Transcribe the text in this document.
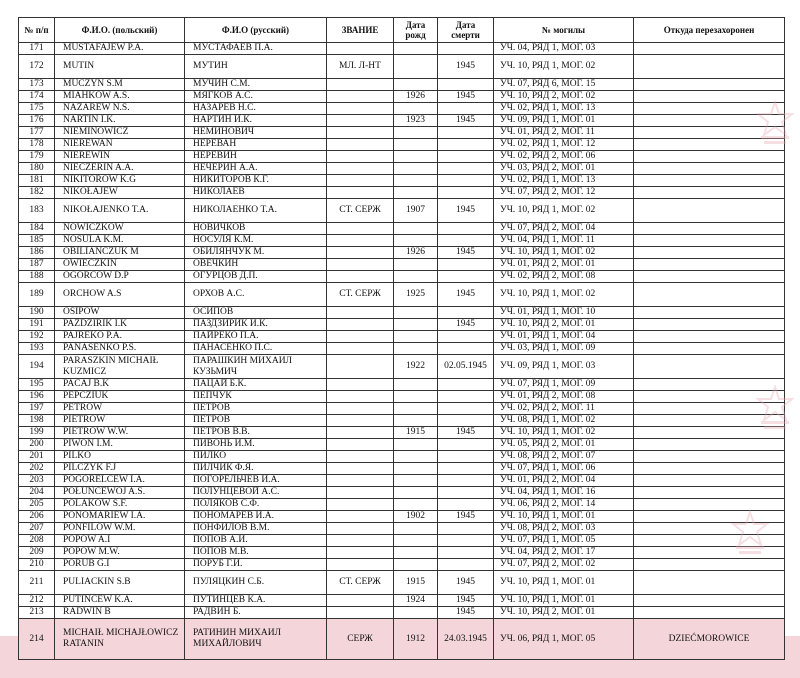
№ п/п	Ф.И.О. (польский)	Ф.И.О (русский)	ЗВАНИЕ	Дата рожд	Дата смерти	№ могилы	Откуда перезахоронен
171	MUSTAFAJEW P.A.	МУСТАФАЕВ П.А.				УЧ. 04, РЯД 1, МОГ. 03	
172	MUTIN	МУТИН	МЛ. Л-НТ		1945	УЧ. 10, РЯД 1, МОГ. 02	
173	MUCZYN S.M	МУЧИН С.М.				УЧ. 07, РЯД 6, МОГ. 15	
174	MIAHKOW A.S.	МЯГКОВ А.С.		1926	1945	УЧ. 10, РЯД 2, МОГ. 02	
175	NAZAREW N.S.	НАЗАРЕВ Н.С.				УЧ. 02, РЯД 1, МОГ. 13	
176	NARTIN I.K.	НАРТИН И.К.		1923	1945	УЧ. 09, РЯД 1, МОГ. 01	
177	NIEMINOWICZ	НЕМИНОВИЧ				УЧ. 01, РЯД 2, МОГ. 11	
178	NIEREWAN	НЕРЕВАН				УЧ. 02, РЯД 1, МОГ. 12	
179	NIEREWIN	НЕРЕВИН				УЧ. 02, РЯД 2, МОГ. 06	
180	NIECZERIN A.A.	НЕЧЕРИН А.А.				УЧ. 03, РЯД 2, МОГ. 01	
181	NIKITOROW K.G	НИКИТОРОВ К.Г.				УЧ. 02, РЯД 1, МОГ. 13	
182	NIKOŁAJEW	НИКОЛАЕВ				УЧ. 07, РЯД 2, МОГ. 12	
183	NIKOŁAJENKO T.A.	НИКОЛАЕНКО Т.А.	СТ. СЕРЖ	1907	1945	УЧ. 10, РЯД 1, МОГ. 02	
184	NOWICZKOW	НОВИЧКОВ				УЧ. 07, РЯД 2, МОГ. 04	
185	NOSULA K.M.	НОСУЛЯ К.М.				УЧ. 04, РЯД 1, МОГ. 11	
186	OBILIANCZUK M	ОБИЛЯНЧУК М.		1926	1945	УЧ. 10, РЯД 1, МОГ. 02	
187	OWIECZKIN	ОВЕЧКИН				УЧ. 01, РЯД 2, МОГ. 01	
188	OGÓRCOW D.P	ОГУРЦОВ Д.П.				УЧ. 02, РЯД 2, МОГ. 08	
189	ORCHOW A.S	ОРХОВ А.С.	СТ. СЕРЖ	1925	1945	УЧ. 10, РЯД 1, МОГ. 02	
190	OSIPOW	ОСИПОВ				УЧ. 01, РЯД 1, МОГ. 10	
191	PAZDZIRIK I.K	ПАЗДЗИРИК И.К.			1945	УЧ. 10, РЯД 2, МОГ. 01	
192	PAJREKO P.A.	ПАЙРЕКО П.А.				УЧ. 01, РЯД 1, МОГ. 04	
193	PANASENKO P.S.	ПАНАСЕНКО П.С.				УЧ. 03, РЯД 1, МОГ. 09	
194	PARASZKIN MICHAIŁ KUZMICZ	ПАРАШКИН МИХАИЛ КУЗЬМИЧ		1922	02.05.1945	УЧ. 09, РЯД 1, МОГ. 03	
195	PACAJ B.K	ПАЦАЙ Б.К.				УЧ. 07, РЯД 1, МОГ. 09	
196	PEPCZIUK	ПЕПЧУК				УЧ. 01, РЯД 2, МОГ. 08	
197	PETROW	ПЕТРОВ				УЧ. 02, РЯД 2, МОГ. 11	
198	PIETROW	ПЕТРОВ				УЧ. 08, РЯД 1, МОГ. 02	
199	PIETROW W.W.	ПЕТРОВ В.В.		1915	1945	УЧ. 10, РЯД 1, МОГ. 02	
200	PIWOŃ I.M.	ПИВОНЬ И.М.				УЧ. 05, РЯД 2, МОГ. 01	
201	PILKO	ПИЛКО				УЧ. 08, РЯД 2, МОГ. 07	
202	PILCZYK F.J	ПИЛЧИК Ф.Я.				УЧ. 07, РЯД 1, МОГ. 06	
203	POGORELCEW I.A.	ПОГОРЕЛЬЧЕВ И.А.				УЧ. 01, РЯД 2, МОГ. 04	
204	POŁUNCEWOJ A.S.	ПОЛУНЦЕВОЙ А.С.				УЧ. 04, РЯД 1, МОГ. 16	
205	POLAKOW S.F.	ПОЛЯКОВ С.Ф.				УЧ. 06, РЯД 2, МОГ. 14	
206	PONOMARIEW I.A.	ПОНОМАРЕВ И.А.		1902	1945	УЧ. 10, РЯД 1, МОГ. 01	
207	PONFILOW W.M.	ПОНФИЛОВ В.М.				УЧ. 08, РЯД 2, МОГ. 03	
208	POPOW A.I	ПОПОВ А.И.				УЧ. 07, РЯД 1, МОГ. 05	
209	POPOW M.W.	ПОПОВ М.В.				УЧ. 04, РЯД 2, МОГ. 17	
210	PORUB G.I	ПОРУБ Г.И.				УЧ. 07, РЯД 2, МОГ. 02	
211	PULIACKIN S.B	ПУЛЯЦКИН С.Б.	СТ. СЕРЖ	1915	1945	УЧ. 10, РЯД 1, МОГ. 01	
212	PUTINCEW K.A.	ПУТИНЦЕВ К.А.		1924	1945	УЧ. 10, РЯД 1, МОГ. 01	
213	RADWIN B	РАДВИН Б.			1945	УЧ. 10, РЯД 2, МОГ. 01	
214	MICHAIŁ MICHAJŁOWICZ RATANIN	РАТИНИН МИХАИЛ МИХАЙЛОВИЧ	СЕРЖ	1912	24.03.1945	УЧ. 06, РЯД 1, МОГ. 05	DZIEĆMOROWICE
